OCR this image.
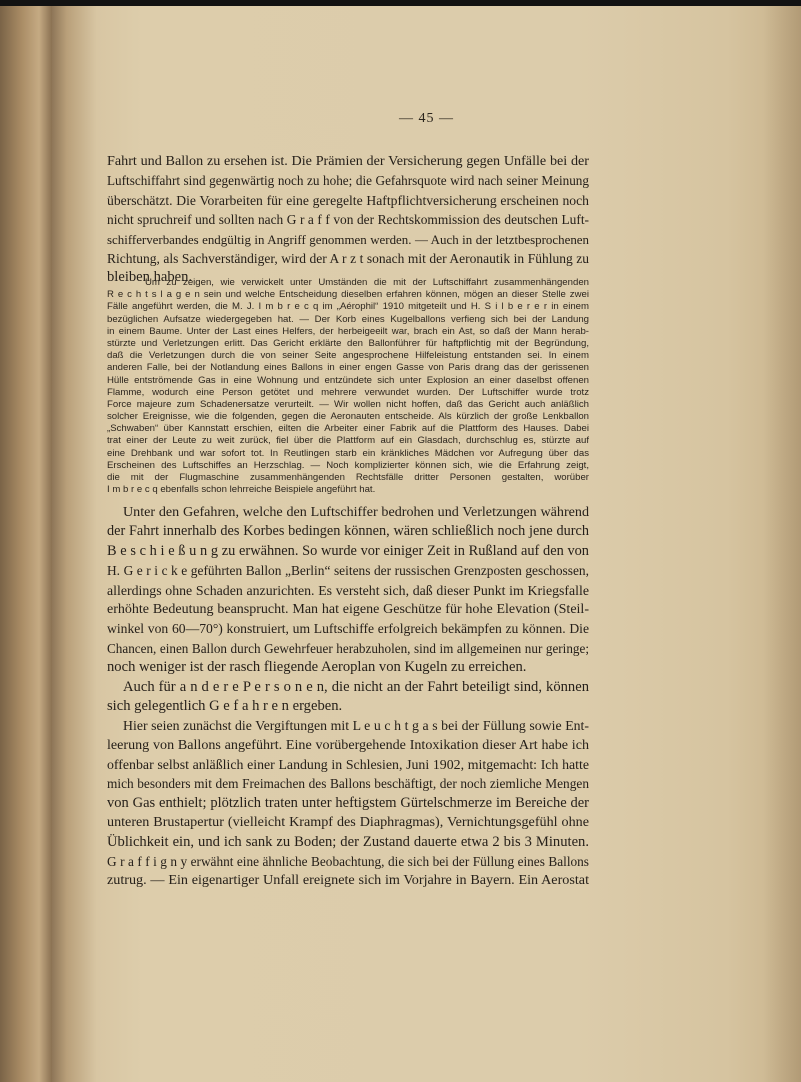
— 45 —
Fahrt und Ballon zu ersehen ist. Die Prämien der Versicherung gegen Unfälle bei der
Luftschiffahrt sind gegenwärtig noch zu hohe; die Gefahrsquote wird nach seiner Meinung
überschätzt. Die Vorarbeiten für eine geregelte Haftpflichtversicherung erscheinen noch
nicht spruchreif und sollten nach G r a f f von der Rechtskommission des deutschen Luft-
schifferverbandes endgültig in Angriff genommen werden. — Auch in der letztbesprochenen
Richtung, als Sachverständiger, wird der A r z t sonach mit der Aeronautik in Fühlung zu
bleiben haben.
Um zu zeigen, wie verwickelt unter Umständen die mit der Luftschiffahrt zusammenhängenden
R e c h t s l a g e n sein und welche Entscheidung dieselben erfahren können, mögen an dieser Stelle zwei
Fälle angeführt werden, die M. J. I m b r e c q im „Aérophil“ 1910 mitgeteilt und H. S i l b e r e r in einem
bezüglichen Aufsatze wiedergegeben hat. — Der Korb eines Kugelballons verfieng sich bei der Landung
in einem Baume. Unter der Last eines Helfers, der herbeigeeilt war, brach ein Ast, so daß der Mann herab-
stürzte und Verletzungen erlitt. Das Gericht erklärte den Ballonführer für haftpflichtig mit der Begründung,
daß die Verletzungen durch die von seiner Seite angesprochene Hilfeleistung entstanden sei. In einem
anderen Falle, bei der Notlandung eines Ballons in einer engen Gasse von Paris drang das der gerissenen
Hülle entströmende Gas in eine Wohnung und entzündete sich unter Explosion an einer daselbst offenen
Flamme, wodurch eine Person getötet und mehrere verwundet wurden. Der Luftschiffer wurde trotz
Force majeure zum Schadenersatze verurteilt. — Wir wollen nicht hoffen, daß das Gericht auch anläßlich
solcher Ereignisse, wie die folgenden, gegen die Aeronauten entscheide. Als kürzlich der große Lenkballon
„Schwaben“ über Kannstatt erschien, eilten die Arbeiter einer Fabrik auf die Plattform des Hauses. Dabei
trat einer der Leute zu weit zurück, fiel über die Plattform auf ein Glasdach, durchschlug es, stürzte auf
eine Drehbank und war sofort tot. In Reutlingen starb ein kränkliches Mädchen vor Aufregung über das
Erscheinen des Luftschiffes an Herzschlag. — Noch komplizierter können sich, wie die Erfahrung zeigt,
die mit der Flugmaschine zusammenhängenden Rechtsfälle dritter Personen gestalten, worüber
I m b r e c q ebenfalls schon lehrreiche Beispiele angeführt hat.
Unter den Gefahren, welche den Luftschiffer bedrohen und Verletzungen während
der Fahrt innerhalb des Korbes bedingen können, wären schließlich noch jene durch
B e s c h i e ß u n g zu erwähnen. So wurde vor einiger Zeit in Rußland auf den von
H. G e r i c k e geführten Ballon „Berlin“ seitens der russischen Grenzposten geschossen,
allerdings ohne Schaden anzurichten. Es versteht sich, daß dieser Punkt im Kriegsfalle
erhöhte Bedeutung beansprucht. Man hat eigene Geschütze für hohe Elevation (Steil-
winkel von 60—70°) konstruiert, um Luftschiffe erfolgreich bekämpfen zu können. Die
Chancen, einen Ballon durch Gewehrfeuer herabzuholen, sind im allgemeinen nur geringe;
noch weniger ist der rasch fliegende Aeroplan von Kugeln zu erreichen.
Auch für a n d e r e P e r s o n e n, die nicht an der Fahrt beteiligt sind, können
sich gelegentlich G e f a h r e n ergeben.
Hier seien zunächst die Vergiftungen mit L e u c h t g a s bei der Füllung sowie Ent-
leerung von Ballons angeführt. Eine vorübergehende Intoxikation dieser Art habe ich
offenbar selbst anläßlich einer Landung in Schlesien, Juni 1902, mitgemacht: Ich hatte
mich besonders mit dem Freimachen des Ballons beschäftigt, der noch ziemliche Mengen
von Gas enthielt; plötzlich traten unter heftigstem Gürtelschmerze im Bereiche der
unteren Brustapertur (vielleicht Krampf des Diaphragmas), Vernichtungsgefühl ohne
Üblichkeit ein, und ich sank zu Boden; der Zustand dauerte etwa 2 bis 3 Minuten.
G r a f f i g n y erwähnt eine ähnliche Beobachtung, die sich bei der Füllung eines Ballons
zutrug. — Ein eigenartiger Unfall ereignete sich im Vorjahre in Bayern. Ein Aerostat
